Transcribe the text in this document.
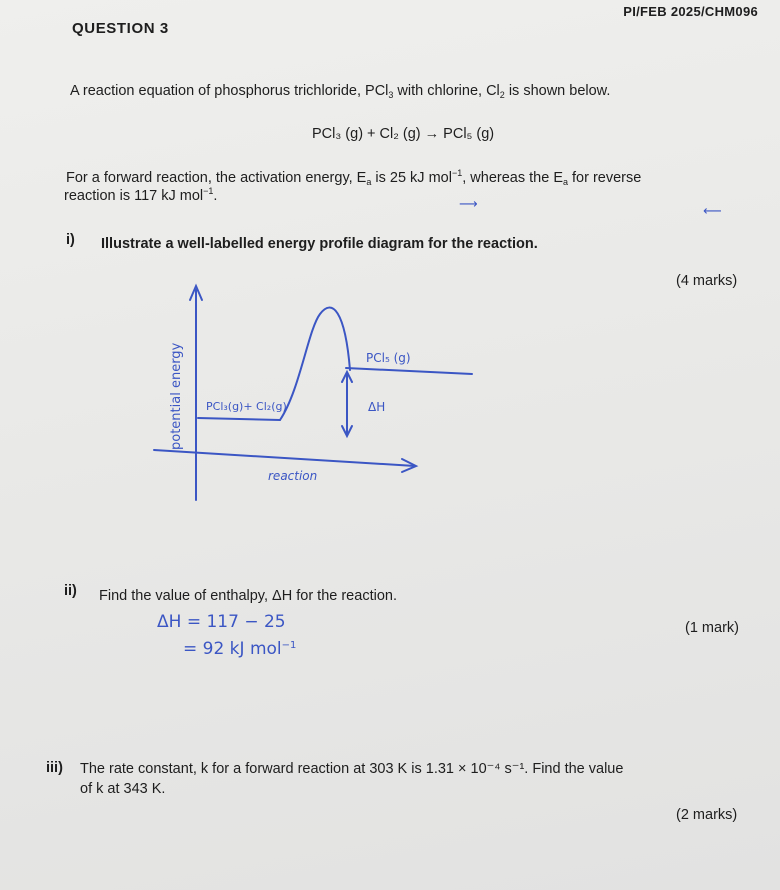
PI/FEB 2025/CHM096
QUESTION 3
A reaction equation of phosphorus trichloride, PCl$_3$ with chlorine, $Cl_2$ is shown below.
PCl₃ (g) + Cl₂ (g) → PCl₅ (g)
For a forward reaction, the activation energy, $E_a$ is 25 kJ mol$^{-1}$, whereas the $E_a$ for reverse
reaction is 117 kJ mol$^{-1}$.	⟶	⟵
i) Illustrate a well-labelled energy profile diagram for the reaction.
(4 marks)
potential energy
reaction
PCl₃(g)+ Cl₂(g)
PCl₅ (g)
ΔH
ii) Find the value of enthalpy, ΔH for the reaction.
(1 mark)
ΔH = 117 − 25
= 92 kJ mol$^{-1}$
iii) The rate constant, k for a forward reaction at 303 K is 1.31 × 10⁻⁴ s⁻¹. Find the value
of k at 343 K.
(2 marks)
